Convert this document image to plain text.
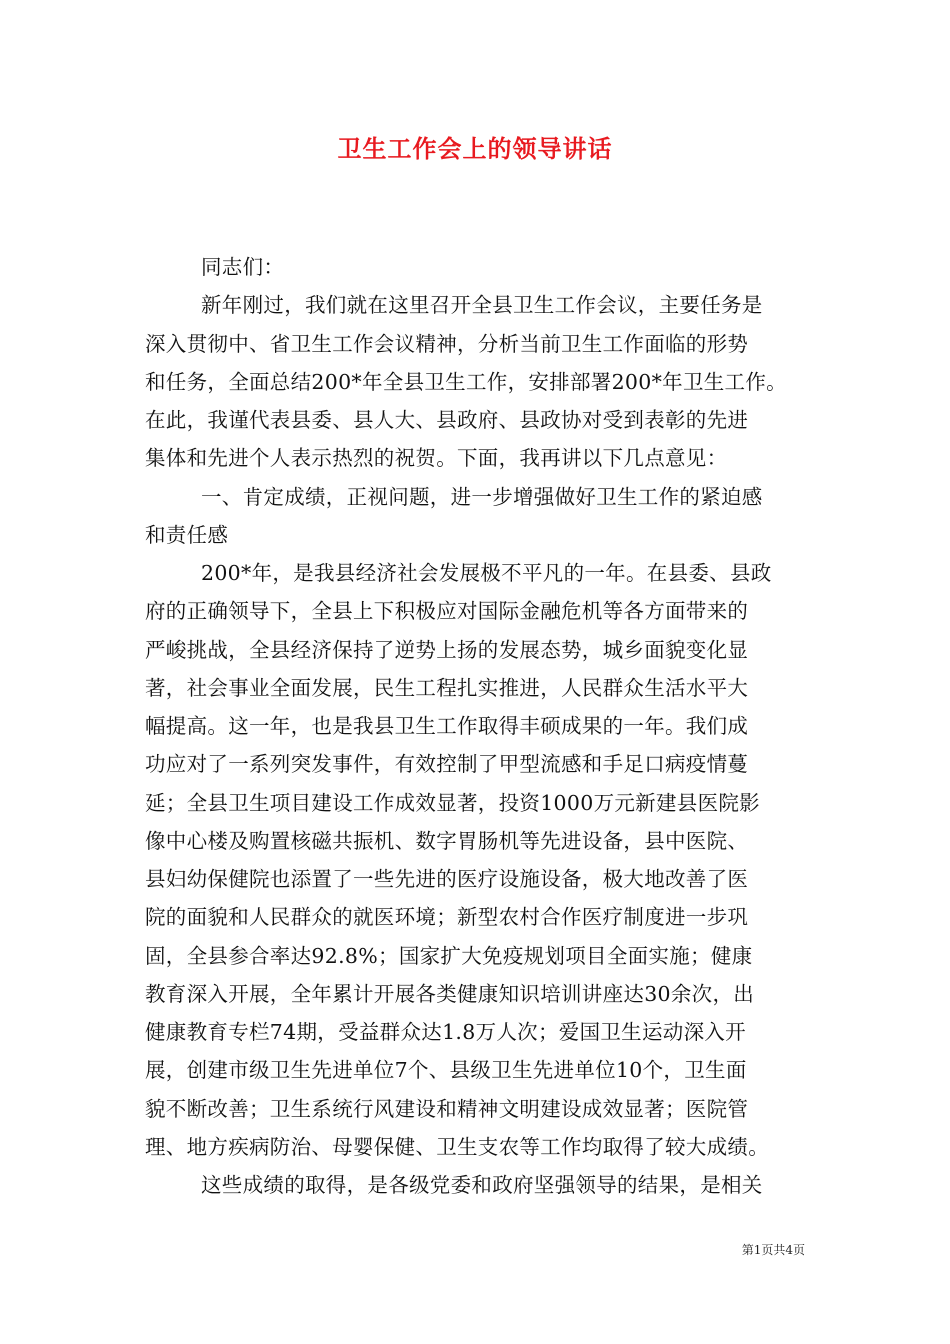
卫生工作会上的领导讲话
同志们：
新年刚过，我们就在这里召开全县卫生工作会议，主要任务是
深入贯彻中、省卫生工作会议精神，分析当前卫生工作面临的形势
和任务，全面总结200*年全县卫生工作，安排部署200*年卫生工作。
在此，我谨代表县委、县人大、县政府、县政协对受到表彰的先进
集体和先进个人表示热烈的祝贺。下面，我再讲以下几点意见：
一、肯定成绩，正视问题，进一步增强做好卫生工作的紧迫感
和责任感
200*年，是我县经济社会发展极不平凡的一年。在县委、县政
府的正确领导下，全县上下积极应对国际金融危机等各方面带来的
严峻挑战，全县经济保持了逆势上扬的发展态势，城乡面貌变化显
著，社会事业全面发展，民生工程扎实推进，人民群众生活水平大
幅提高。这一年，也是我县卫生工作取得丰硕成果的一年。我们成
功应对了一系列突发事件，有效控制了甲型流感和手足口病疫情蔓
延；全县卫生项目建设工作成效显著，投资1000万元新建县医院影
像中心楼及购置核磁共振机、数字胃肠机等先进设备，县中医院、
县妇幼保健院也添置了一些先进的医疗设施设备，极大地改善了医
院的面貌和人民群众的就医环境；新型农村合作医疗制度进一步巩
固，全县参合率达92.8%；国家扩大免疫规划项目全面实施；健康
教育深入开展，全年累计开展各类健康知识培训讲座达30余次，出
健康教育专栏74期，受益群众达1.8万人次；爱国卫生运动深入开
展，创建市级卫生先进单位7个、县级卫生先进单位10个，卫生面
貌不断改善；卫生系统行风建设和精神文明建设成效显著；医院管
理、地方疾病防治、母婴保健、卫生支农等工作均取得了较大成绩。
这些成绩的取得，是各级党委和政府坚强领导的结果，是相关
第1页共4页
